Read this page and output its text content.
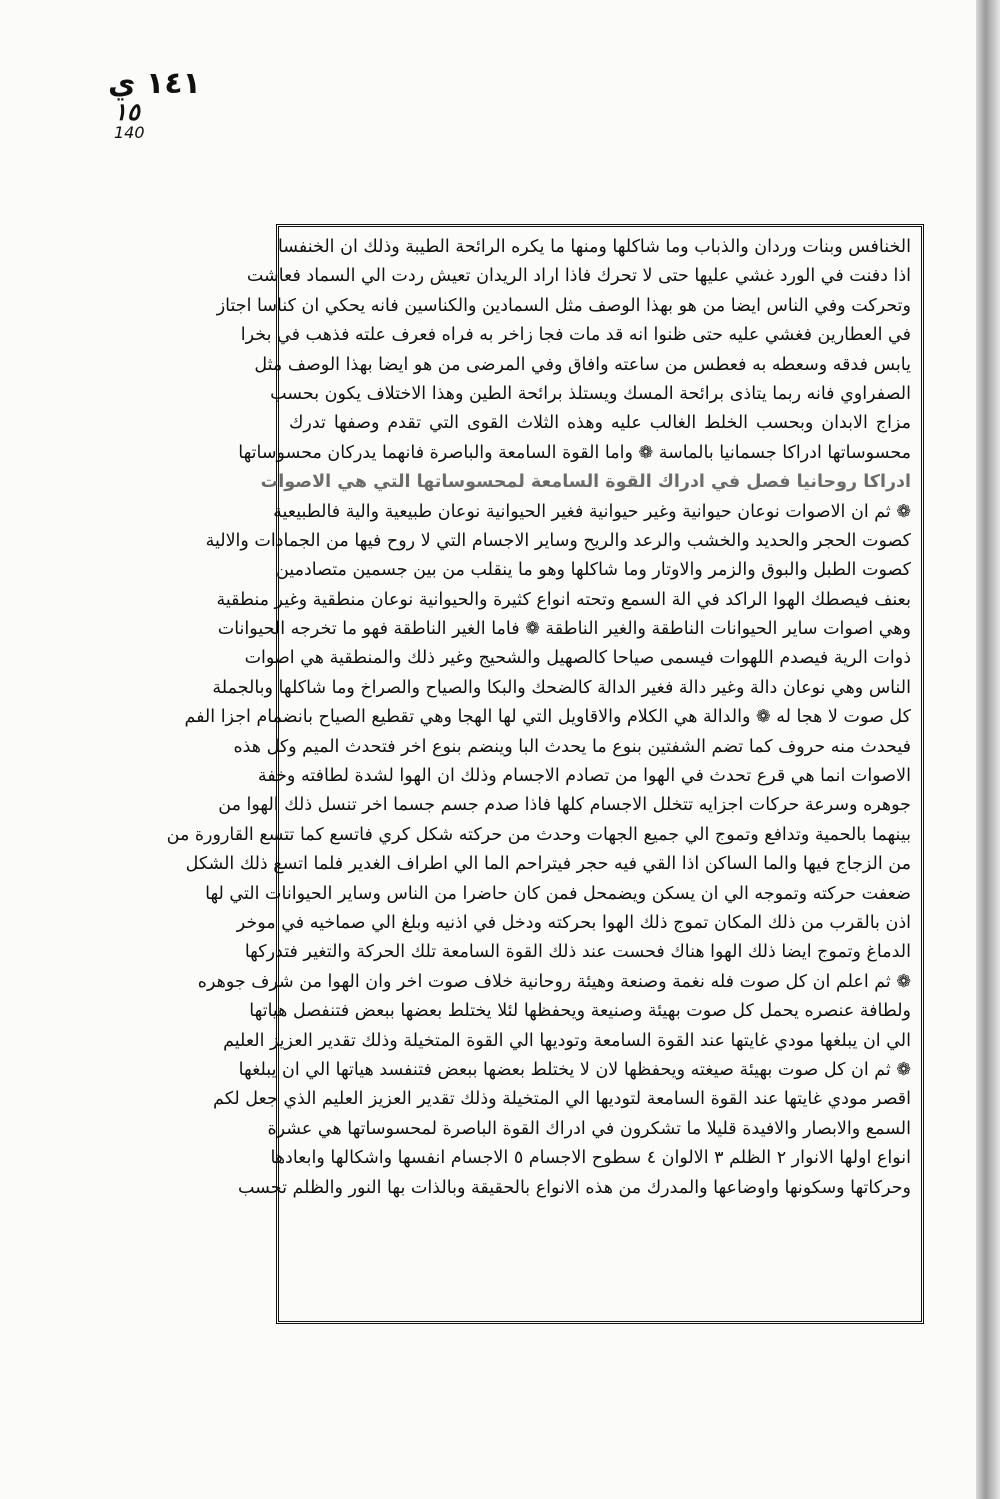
١٤١ ي
١٥
140
الخنافس وبنات وردان والذباب وما شاكلها ومنها ما يكره الرائحة الطيبة وذلك ان الخنفسا
اذا دفنت في الورد غشي عليها حتى لا تحرك فاذا اراد الريدان تعيش ردت الي السماد فعاشت
وتحركت وفي الناس ايضا من هو بهذا الوصف مثل السمادين والكناسين فانه يحكي ان كناسا اجتاز
في العطارين فغشي عليه حتى ظنوا انه قد مات فجا زاخر به فراه فعرف علته فذهب في بخرا
يابس فدقه وسعطه به فعطس من ساعته وافاق وفي المرضى من هو ايضا بهذا الوصف مثل
الصفراوي فانه ربما يتاذى برائحة المسك ويستلذ برائحة الطين وهذا الاختلاف يكون بحسب
مزاج الابدان وبحسب الخلط الغالب عليه وهذه الثلاث القوى التي تقدم وصفها تدرك
محسوساتها ادراكا جسمانيا بالماسة ❁ واما القوة السامعة والباصرة فانهما يدركان محسوساتها
ادراكا روحانيا فصل في ادراك القوة السامعة لمحسوساتها التي هي الاصوات
❁ ثم ان الاصوات نوعان حيوانية وغير حيوانية فغير الحيوانية نوعان طبيعية والية فالطبيعية
كصوت الحجر والحديد والخشب والرعد والريح وساير الاجسام التي لا روح فيها من الجمادات والالية
كصوت الطبل والبوق والزمر والاوتار وما شاكلها وهو ما ينقلب من بين جسمين متصادمين
بعنف فيصطك الهوا الراكد في الة السمع وتحته انواع كثيرة والحيوانية نوعان منطقية وغير منطقية
وهي اصوات ساير الحيوانات الناطقة والغير الناطقة ❁ فاما الغير الناطقة فهو ما تخرجه الحيوانات
ذوات الرية فيصدم اللهوات فيسمى صياحا كالصهيل والشحيج وغير ذلك والمنطقية هي اصوات
الناس وهي نوعان دالة وغير دالة فغير الدالة كالضحك والبكا والصياح والصراخ وما شاكلها وبالجملة
كل صوت لا هجا له ❁ والدالة هي الكلام والاقاويل التي لها الهجا وهي تقطيع الصياح بانضمام اجزا الفم
فيحدث منه حروف كما تضم الشفتين بنوع ما يحدث البا وينضم بنوع اخر فتحدث الميم وكل هذه
الاصوات انما هي قرع تحدث في الهوا من تصادم الاجسام وذلك ان الهوا لشدة لطافته وخفة
جوهره وسرعة حركات اجزايه تتخلل الاجسام كلها فاذا صدم جسم جسما اخر تنسل ذلك الهوا من
بينهما بالحمية وتدافع وتموج الي جميع الجهات وحدث من حركته شكل كري فاتسع كما تتسع القارورة من
من الزجاج فيها والما الساكن اذا القي فيه حجر فيتراحم الما الي اطراف الغدير فلما اتسع ذلك الشكل
ضعفت حركته وتموجه الي ان يسكن ويضمحل فمن كان حاضرا من الناس وساير الحيوانات التي لها
اذن بالقرب من ذلك المكان تموج ذلك الهوا بحركته ودخل في اذنيه وبلغ الي صماخيه في موخر
الدماغ وتموج ايضا ذلك الهوا هناك فحست عند ذلك القوة السامعة تلك الحركة والتغير فتدركها
❁ ثم اعلم ان كل صوت فله نغمة وصنعة وهيئة روحانية خلاف صوت اخر وان الهوا من شرف جوهره
ولطافة عنصره يحمل كل صوت بهيئة وصنيعة ويحفظها لئلا يختلط بعضها ببعض فتنفصل هياتها
الي ان يبلغها مودي غايتها عند القوة السامعة وتوديها الي القوة المتخيلة وذلك تقدير العزيز العليم
❁ ثم ان كل صوت بهيئة صيغته ويحفظها لان لا يختلط بعضها ببعض فتنفسد هياتها الي ان يبلغها
اقصر مودي غايتها عند القوة السامعة لتوديها الي المتخيلة وذلك تقدير العزيز العليم الذي جعل لكم
السمع والابصار والافيدة قليلا ما تشكرون في ادراك القوة الباصرة لمحسوساتها هي عشرة
انواع اولها الانوار ٢ الظلم ٣ الالوان ٤ سطوح الاجسام ٥ الاجسام انفسها واشكالها وابعادها
وحركاتها وسكونها واوضاعها والمدرك من هذه الانواع بالحقيقة وبالذات بها النور والظلم تحسب
